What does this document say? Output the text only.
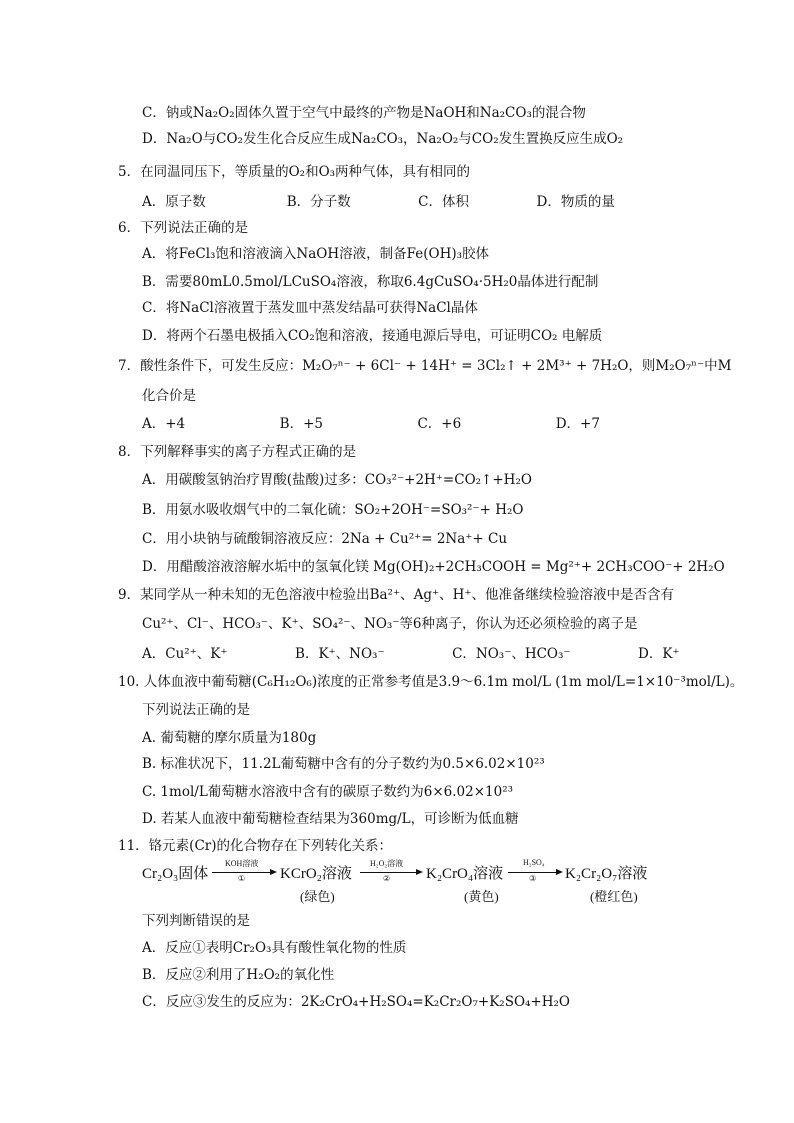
C．钠或Na₂O₂固体久置于空气中最终的产物是NaOH和Na₂CO₃的混合物
D．Na₂O与CO₂发生化合反应生成Na₂CO₃，Na₂O₂与CO₂发生置换反应生成O₂
5．在同温同压下，等质量的O₂和O₃两种气体，具有相同的
A．原子数　　　　　　B．分子数　　　　　C．体积　　　　　D．物质的量
6．下列说法正确的是
A．将FeCl₃饱和溶液滴入NaOH溶液，制备Fe(OH)₃胶体
B．需要80mL0.5mol/LCuSO₄溶液，称取6.4gCuSO₄·5H₂0晶体进行配制
C．将NaCl溶液置于蒸发皿中蒸发结晶可获得NaCl晶体
D．将两个石墨电极插入CO₂饱和溶液，接通电源后导电，可证明CO₂ 电解质
7．酸性条件下，可发生反应：M₂O₇ⁿ⁻ + 6Cl⁻ + 14H⁺ = 3Cl₂↑ + 2M³⁺ + 7H₂O，则M₂O₇ⁿ⁻中M
化合价是
A．+4　　　　　　　B．+5　　　　　　　C．+6　　　　　　　D．+7
8．下列解释事实的离子方程式正确的是
A．用碳酸氢钠治疗胃酸(盐酸)过多：CO₃²⁻+2H⁺=CO₂↑+H₂O
B．用氨水吸收烟气中的二氧化硫：SO₂+2OH⁻=SO₃²⁻+ H₂O
C．用小块钠与硫酸铜溶液反应：2Na + Cu²⁺= 2Na⁺+ Cu
D．用醋酸溶液溶解水垢中的氢氧化镁 Mg(OH)₂+2CH₃COOH = Mg²⁺+ 2CH₃COO⁻+ 2H₂O
9．某同学从一种未知的无色溶液中检验出Ba²⁺、Ag⁺、H⁺、他准备继续检验溶液中是否含有
Cu²⁺、Cl⁻、HCO₃⁻、K⁺、SO₄²⁻、NO₃⁻等6种离子，你认为还必须检验的离子是
A．Cu²⁺、K⁺　　　　　B．K⁺、NO₃⁻　　　　　C．NO₃⁻、HCO₃⁻　　　　　D．K⁺
10. 人体血液中葡萄糖(C₆H₁₂O₆)浓度的正常参考值是3.9～6.1m mol/L (1m mol/L=1×10⁻³mol/L)。
下列说法正确的是
A. 葡萄糖的摩尔质量为180g
B. 标准状况下，11.2L葡萄糖中含有的分子数约为0.5×6.02×10²³
C. 1mol/L葡萄糖水溶液中含有的碳原子数约为6×6.02×10²³
D. 若某人血液中葡萄糖检查结果为360mg/L，可诊断为低血糖
11．铬元素(Cr)的化合物存在下列转化关系：
Cr₂O₃固体
KOH溶液
① KCrO₂溶液
H₂O₂溶液
② K₂CrO₄溶液
H₂SO₄
③ K₂Cr₂O₇溶液
(绿色)	(黄色)	(橙红色)
下列判断错误的是
A．反应①表明Cr₂O₃具有酸性氧化物的性质
B．反应②利用了H₂O₂的氧化性
C．反应③发生的反应为：2K₂CrO₄+H₂SO₄=K₂Cr₂O₇+K₂SO₄+H₂O
